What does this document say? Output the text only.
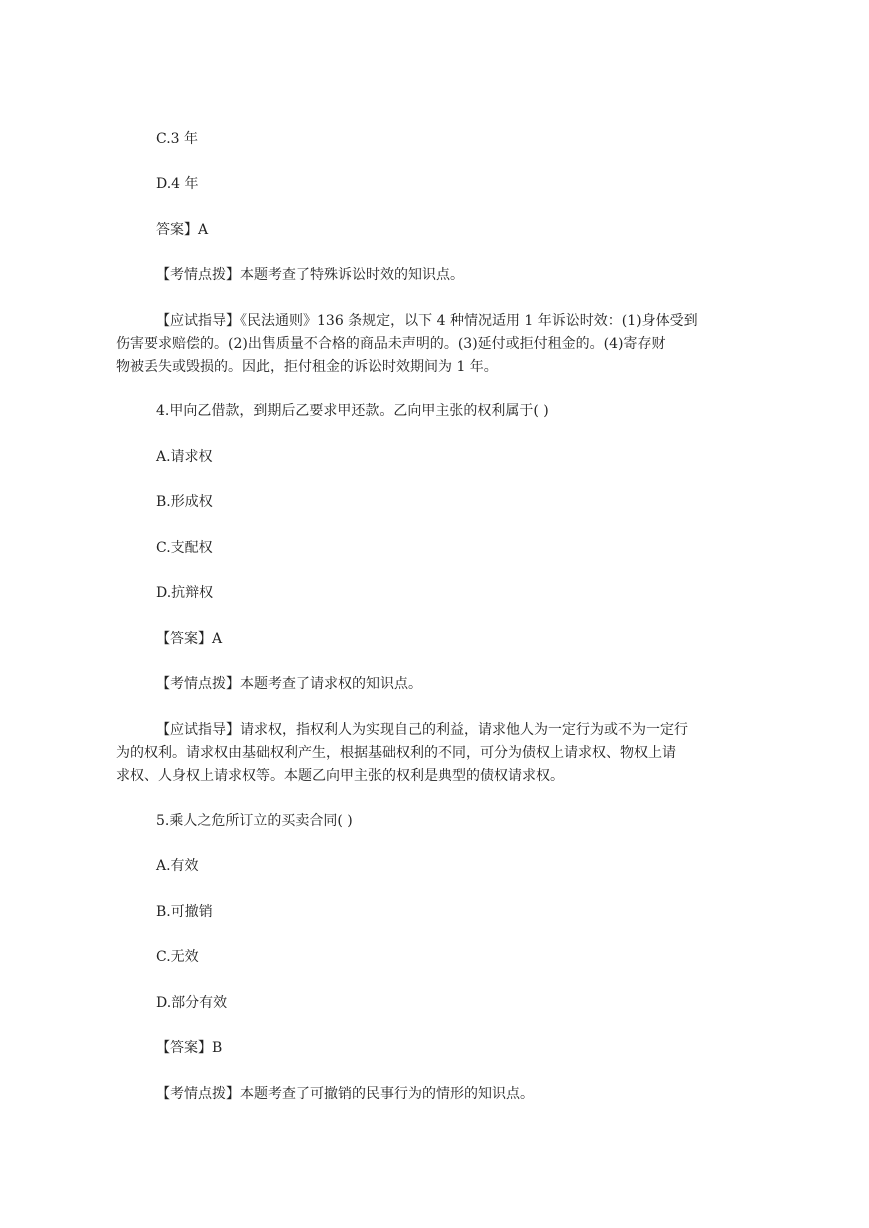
C.3 年
D.4 年
答案】A
【考情点拨】本题考查了特殊诉讼时效的知识点。
【应试指导】《民法通则》136 条规定，以下 4 种情况适用 1 年诉讼时效：(1)身体受到
伤害要求赔偿的。(2)出售质量不合格的商品未声明的。(3)延付或拒付租金的。(4)寄存财
物被丢失或毁损的。因此，拒付租金的诉讼时效期间为 1 年。
4.甲向乙借款，到期后乙要求甲还款。乙向甲主张的权利属于( )
A.请求权
B.形成权
C.支配权
D.抗辩权
【答案】A
【考情点拨】本题考查了请求权的知识点。
【应试指导】请求权，指权利人为实现自己的利益，请求他人为一定行为或不为一定行
为的权利。请求权由基础权利产生，根据基础权利的不同，可分为债权上请求权、物权上请
求权、人身权上请求权等。本题乙向甲主张的权利是典型的债权请求权。
5.乘人之危所订立的买卖合同( )
A.有效
B.可撤销
C.无效
D.部分有效
【答案】B
【考情点拨】本题考查了可撤销的民事行为的情形的知识点。
